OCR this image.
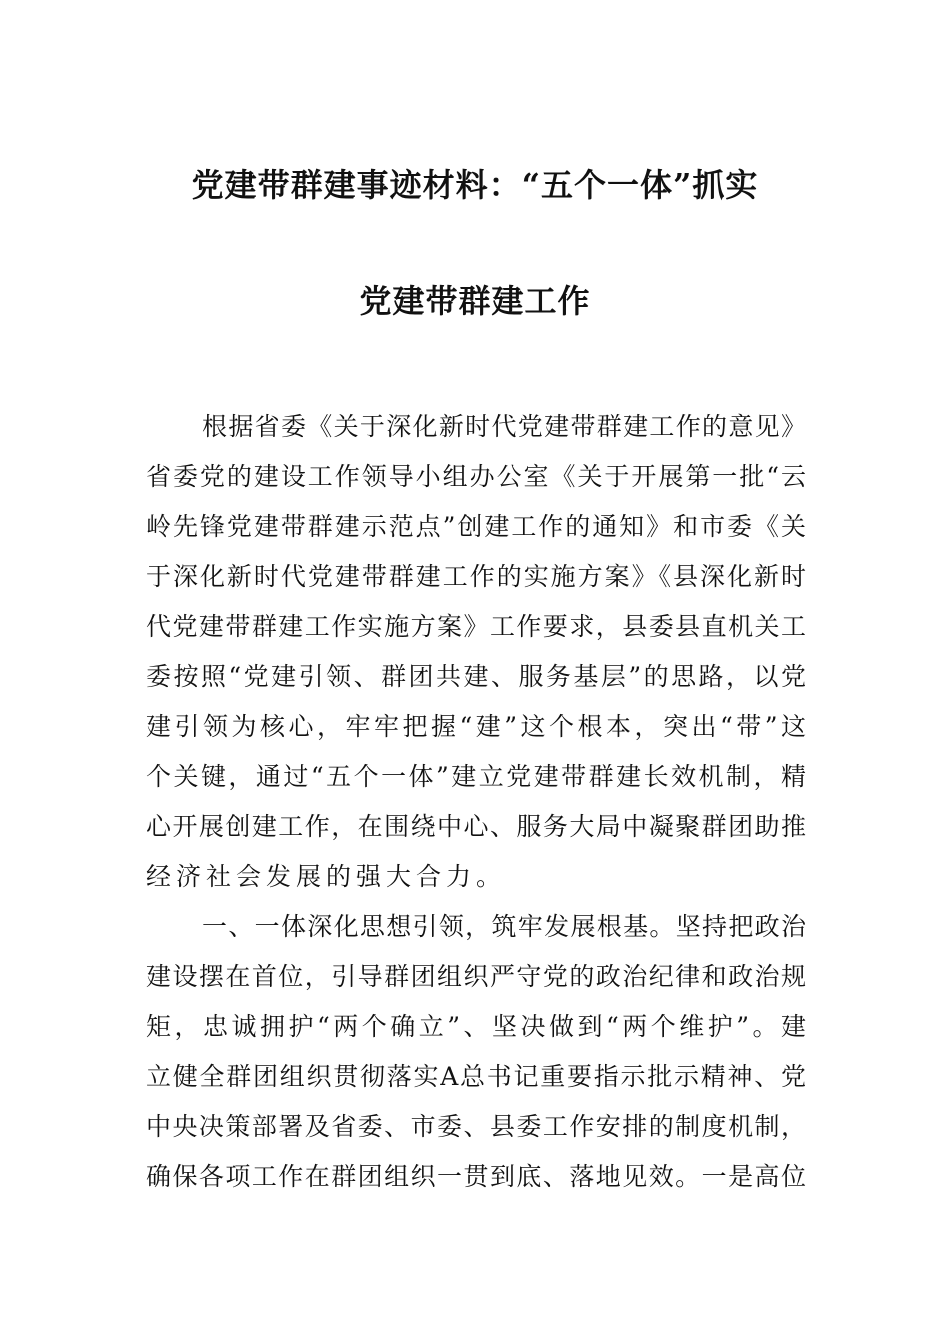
党建带群建事迹材料：“五个一体”抓实
党建带群建工作
根据省委《关于深化新时代党建带群建工作的意见》
省委党的建设工作领导小组办公室《关于开展第一批“云
岭先锋党建带群建示范点”创建工作的通知》和市委《关
于深化新时代党建带群建工作的实施方案》《县深化新时
代党建带群建工作实施方案》工作要求，县委县直机关工
委按照“党建引领、群团共建、服务基层”的思路，以党
建引领为核心，牢牢把握“建”这个根本，突出“带”这
个关键，通过“五个一体”建立党建带群建长效机制，精
心开展创建工作，在围绕中心、服务大局中凝聚群团助推
经济社会发展的强大合力。
一、一体深化思想引领，筑牢发展根基。坚持把政治
建设摆在首位，引导群团组织严守党的政治纪律和政治规
矩，忠诚拥护“两个确立”、坚决做到“两个维护”。建
立健全群团组织贯彻落实A总书记重要指示批示精神、党
中央决策部署及省委、市委、县委工作安排的制度机制，
确保各项工作在群团组织一贯到底、落地见效。一是高位
